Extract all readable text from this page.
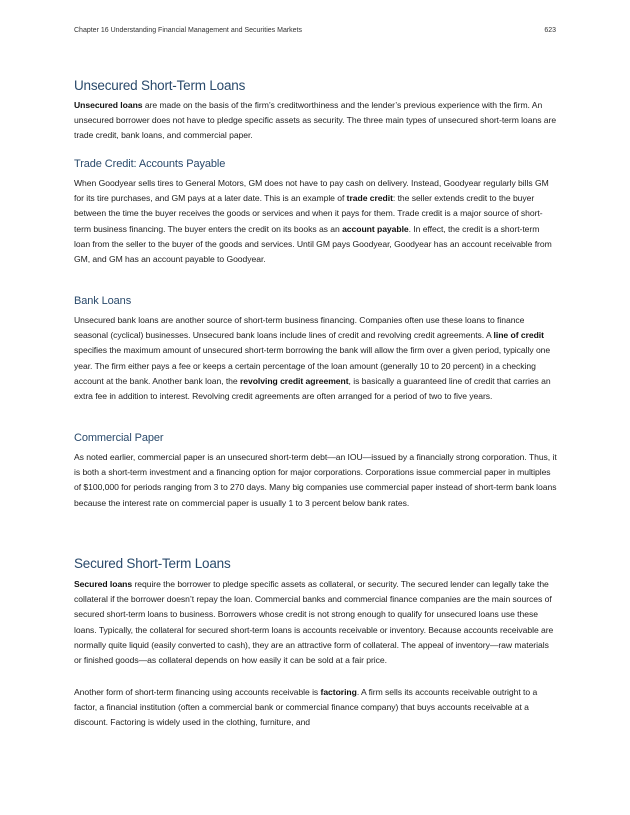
Chapter 16 Understanding Financial Management and Securities Markets	623
Unsecured Short-Term Loans

Unsecured loans are made on the basis of the firm’s creditworthiness and the lender’s previous experience with the firm. An unsecured borrower does not have to pledge specific assets as security. The three main types of unsecured short-term loans are trade credit, bank loans, and commercial paper.

Trade Credit: Accounts Payable

When Goodyear sells tires to General Motors, GM does not have to pay cash on delivery. Instead, Goodyear regularly bills GM for its tire purchases, and GM pays at a later date. This is an example of trade credit: the seller extends credit to the buyer between the time the buyer receives the goods or services and when it pays for them. Trade credit is a major source of short-term business financing. The buyer enters the credit on its books as an account payable. In effect, the credit is a short-term loan from the seller to the buyer of the goods and services. Until GM pays Goodyear, Goodyear has an account receivable from GM, and GM has an account payable to Goodyear.

Bank Loans

Unsecured bank loans are another source of short-term business financing. Companies often use these loans to finance seasonal (cyclical) businesses. Unsecured bank loans include lines of credit and revolving credit agreements. A line of credit specifies the maximum amount of unsecured short-term borrowing the bank will allow the firm over a given period, typically one year. The firm either pays a fee or keeps a certain percentage of the loan amount (generally 10 to 20 percent) in a checking account at the bank. Another bank loan, the revolving credit agreement, is basically a guaranteed line of credit that carries an extra fee in addition to interest. Revolving credit agreements are often arranged for a period of two to five years.

Commercial Paper

As noted earlier, commercial paper is an unsecured short-term debt—an IOU—issued by a financially strong corporation. Thus, it is both a short-term investment and a financing option for major corporations. Corporations issue commercial paper in multiples of $100,000 for periods ranging from 3 to 270 days. Many big companies use commercial paper instead of short-term bank loans because the interest rate on commercial paper is usually 1 to 3 percent below bank rates.

Secured Short-Term Loans

Secured loans require the borrower to pledge specific assets as collateral, or security. The secured lender can legally take the collateral if the borrower doesn’t repay the loan. Commercial banks and commercial finance companies are the main sources of secured short-term loans to business. Borrowers whose credit is not strong enough to qualify for unsecured loans use these loans. Typically, the collateral for secured short-term loans is accounts receivable or inventory. Because accounts receivable are normally quite liquid (easily converted to cash), they are an attractive form of collateral. The appeal of inventory—raw materials or finished goods—as collateral depends on how easily it can be sold at a fair price.

Another form of short-term financing using accounts receivable is factoring. A firm sells its accounts receivable outright to a factor, a financial institution (often a commercial bank or commercial finance company) that buys accounts receivable at a discount. Factoring is widely used in the clothing, furniture, and
